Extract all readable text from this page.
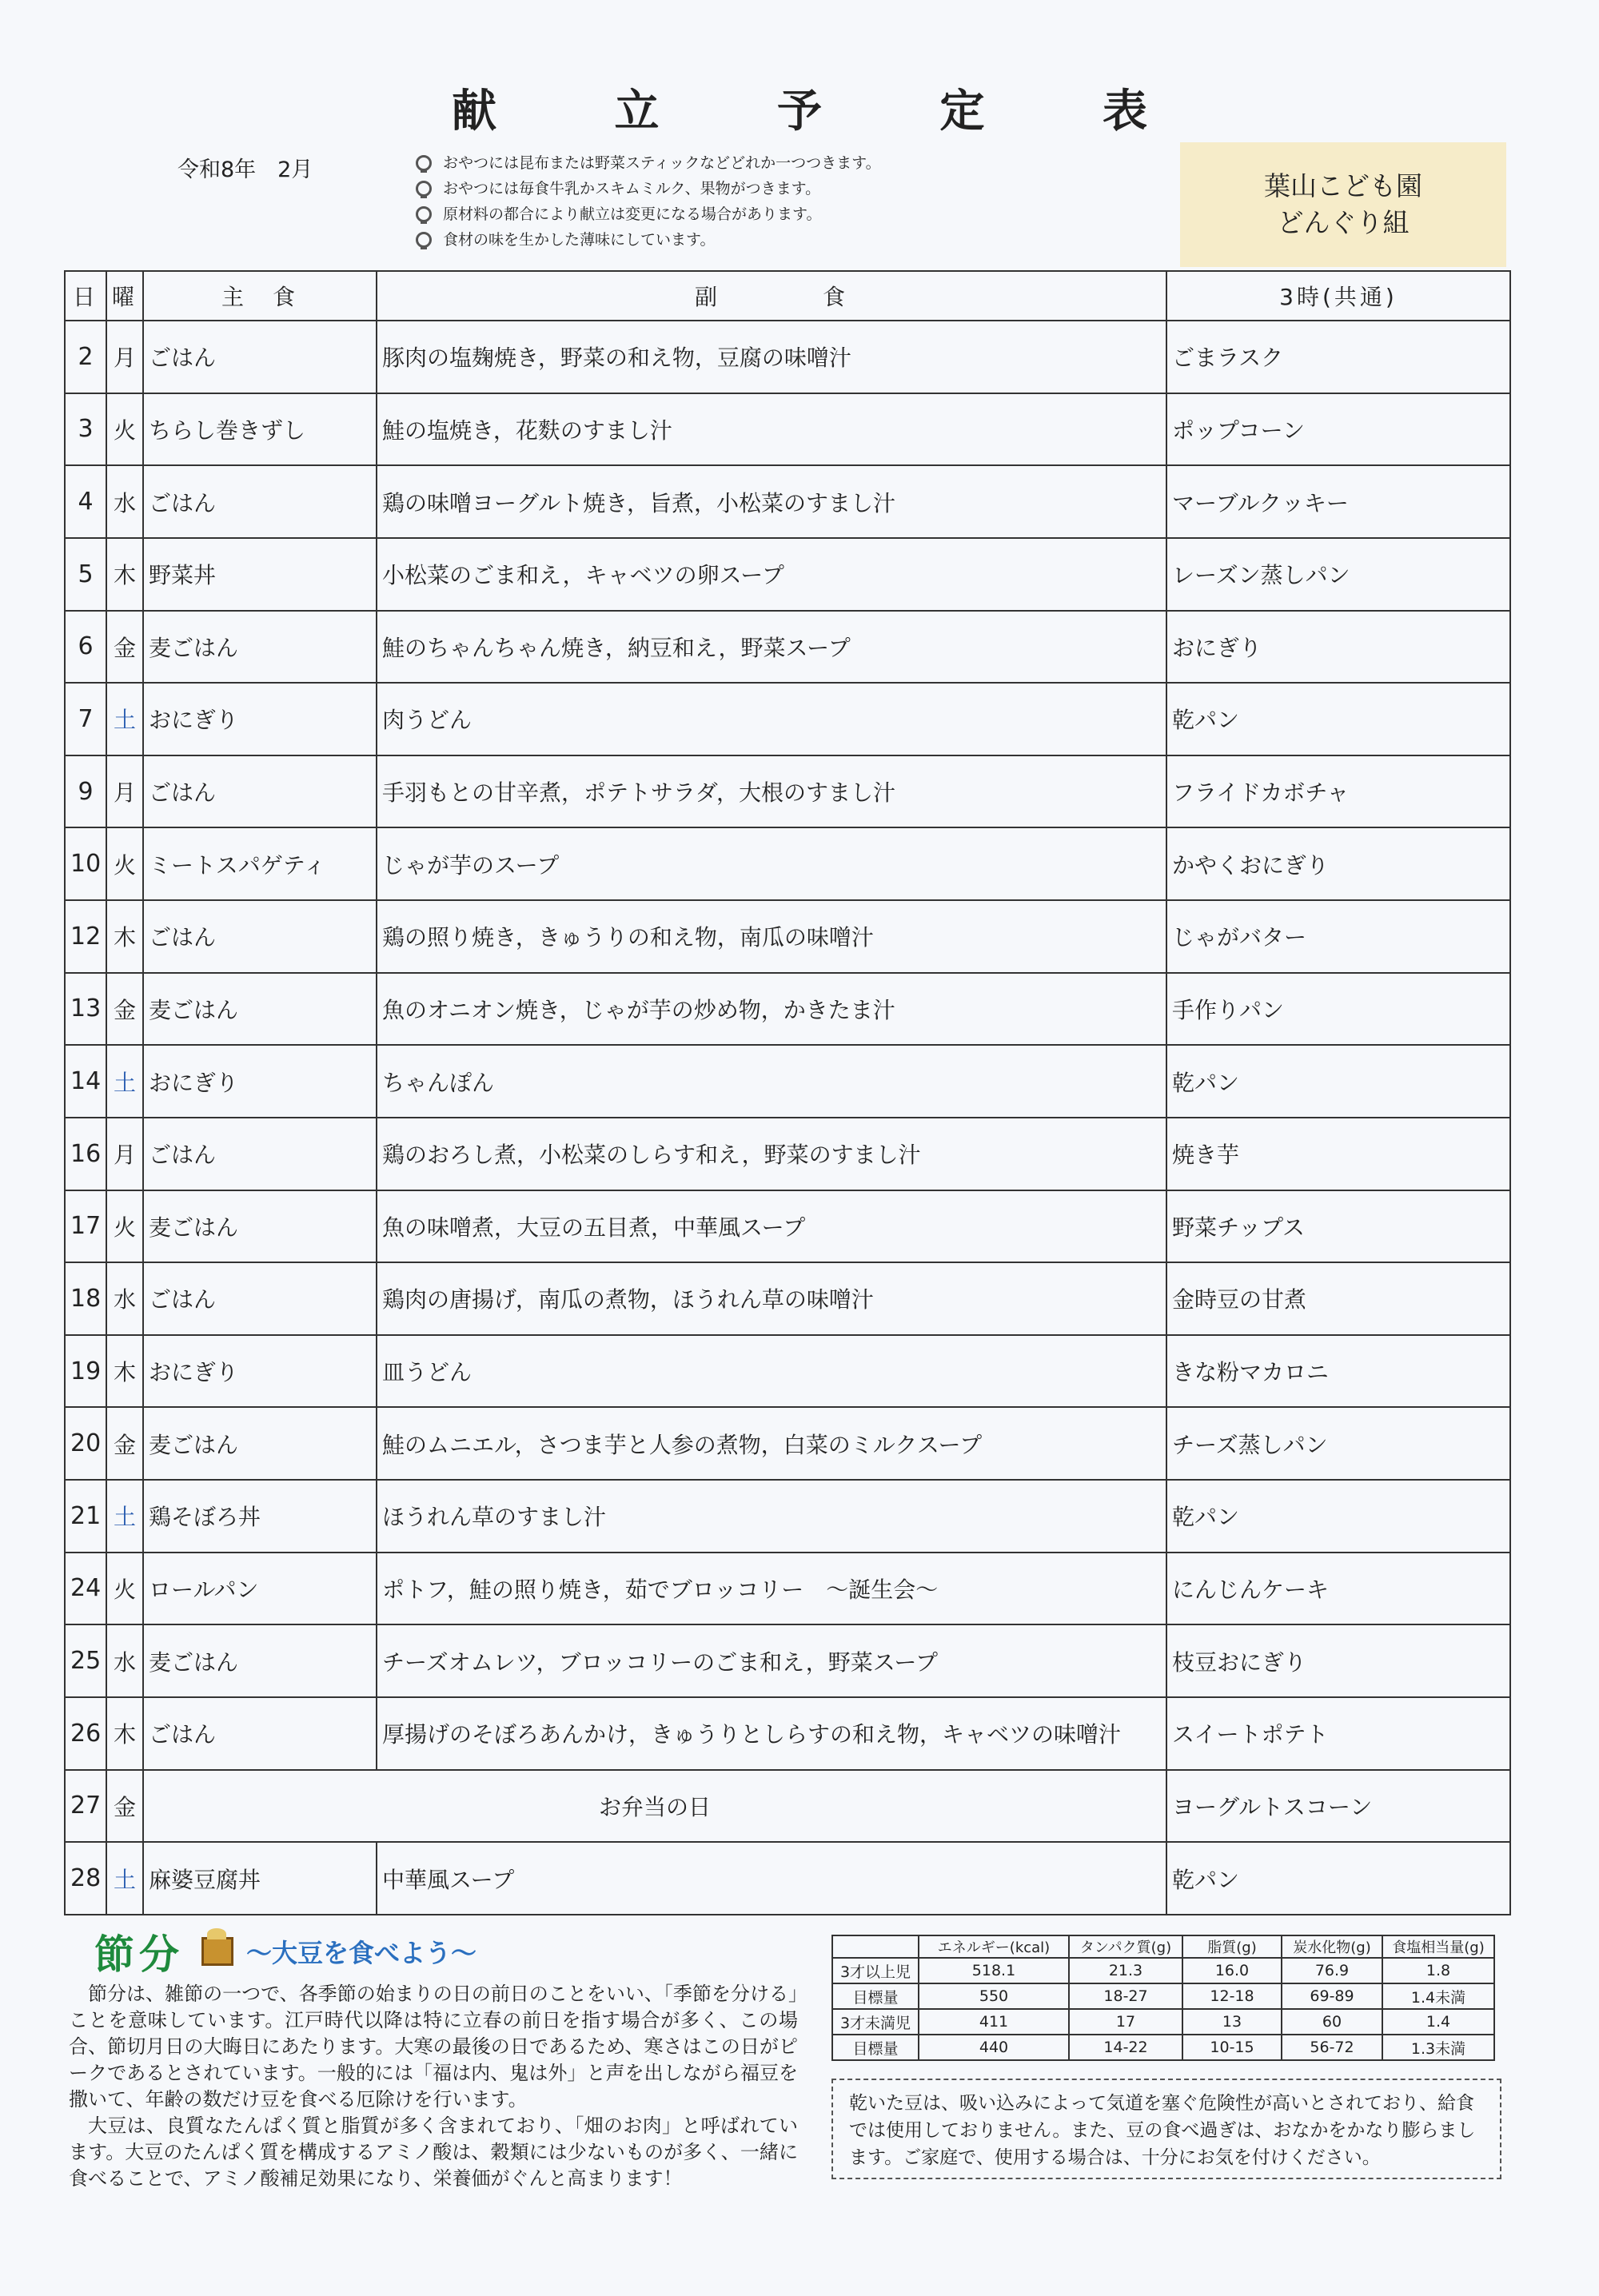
献 立 予 定 表
令和8年　2月	おやつには昆布または野菜スティックなどどれか一つつきます。
おやつには毎食牛乳かスキムミルク、果物がつきます。
原材料の都合により献立は変更になる場合があります。
食材の味を生かした薄味にしています。
葉山こども園
どんぐり組
日	曜	主　食	副　　　　食	3時(共通)
2	月	ごはん	豚肉の塩麹焼き，野菜の和え物，豆腐の味噌汁	ごまラスク
3	火	ちらし巻きずし	鮭の塩焼き，花麩のすまし汁	ポップコーン
4	水	ごはん	鶏の味噌ヨーグルト焼き，旨煮，小松菜のすまし汁	マーブルクッキー
5	木	野菜丼	小松菜のごま和え，キャベツの卵スープ	レーズン蒸しパン
6	金	麦ごはん	鮭のちゃんちゃん焼き，納豆和え，野菜スープ	おにぎり
7	土	おにぎり	肉うどん	乾パン
9	月	ごはん	手羽もとの甘辛煮，ポテトサラダ，大根のすまし汁	フライドカボチャ
10	火	ミートスパゲティ	じゃが芋のスープ	かやくおにぎり
12	木	ごはん	鶏の照り焼き，きゅうりの和え物，南瓜の味噌汁	じゃがバター
13	金	麦ごはん	魚のオニオン焼き，じゃが芋の炒め物，かきたま汁	手作りパン
14	土	おにぎり	ちゃんぽん	乾パン
16	月	ごはん	鶏のおろし煮，小松菜のしらす和え，野菜のすまし汁	焼き芋
17	火	麦ごはん	魚の味噌煮，大豆の五目煮，中華風スープ	野菜チップス
18	水	ごはん	鶏肉の唐揚げ，南瓜の煮物，ほうれん草の味噌汁	金時豆の甘煮
19	木	おにぎり	皿うどん	きな粉マカロニ
20	金	麦ごはん	鮭のムニエル，さつま芋と人参の煮物，白菜のミルクスープ	チーズ蒸しパン
21	土	鶏そぼろ丼	ほうれん草のすまし汁	乾パン
24	火	ロールパン	ポトフ，鮭の照り焼き，茹でブロッコリー　～誕生会～	にんじんケーキ
25	水	麦ごはん	チーズオムレツ，ブロッコリーのごま和え，野菜スープ	枝豆おにぎり
26	木	ごはん	厚揚げのそぼろあんかけ，きゅうりとしらすの和え物，キャベツの味噌汁	スイートポテト
27	金	お弁当の日		ヨーグルトスコーン
28	土	麻婆豆腐丼	中華風スープ	乾パン
節分 ～大豆を食べよう～

節分は、雑節の一つで、各季節の始まりの日の前日のことをいい、「季節を分ける」ことを意味しています。江戸時代以降は特に立春の前日を指す場合が多く、この場合、節切月日の大晦日にあたります。大寒の最後の日であるため、寒さはこの日がピークであるとされています。一般的には「福は内、鬼は外」と声を出しながら福豆を撒いて、年齢の数だけ豆を食べる厄除けを行います。

大豆は、良質なたんぱく質と脂質が多く含まれており、「畑のお肉」と呼ばれています。大豆のたんぱく質を構成するアミノ酸は、穀類には少ないものが多く、一緒に食べることで、アミノ酸補足効果になり、栄養価がぐんと高まります！

	エネルギー(kcal)	タンパク質(g)	脂質(g)	炭水化物(g)	食塩相当量(g)
3才以上児	518.1	21.3	16.0	76.9	1.8
目標量	550	18-27	12-18	69-89	1.4未満
3才未満児	411	17	13	60	1.4
目標量	440	14-22	10-15	56-72	1.3未満
乾いた豆は、吸い込みによって気道を塞ぐ危険性が高いとされており、給食では使用しておりません。また、豆の食べ過ぎは、おなかをかなり膨らまします。ご家庭で、使用する場合は、十分にお気を付けください。
